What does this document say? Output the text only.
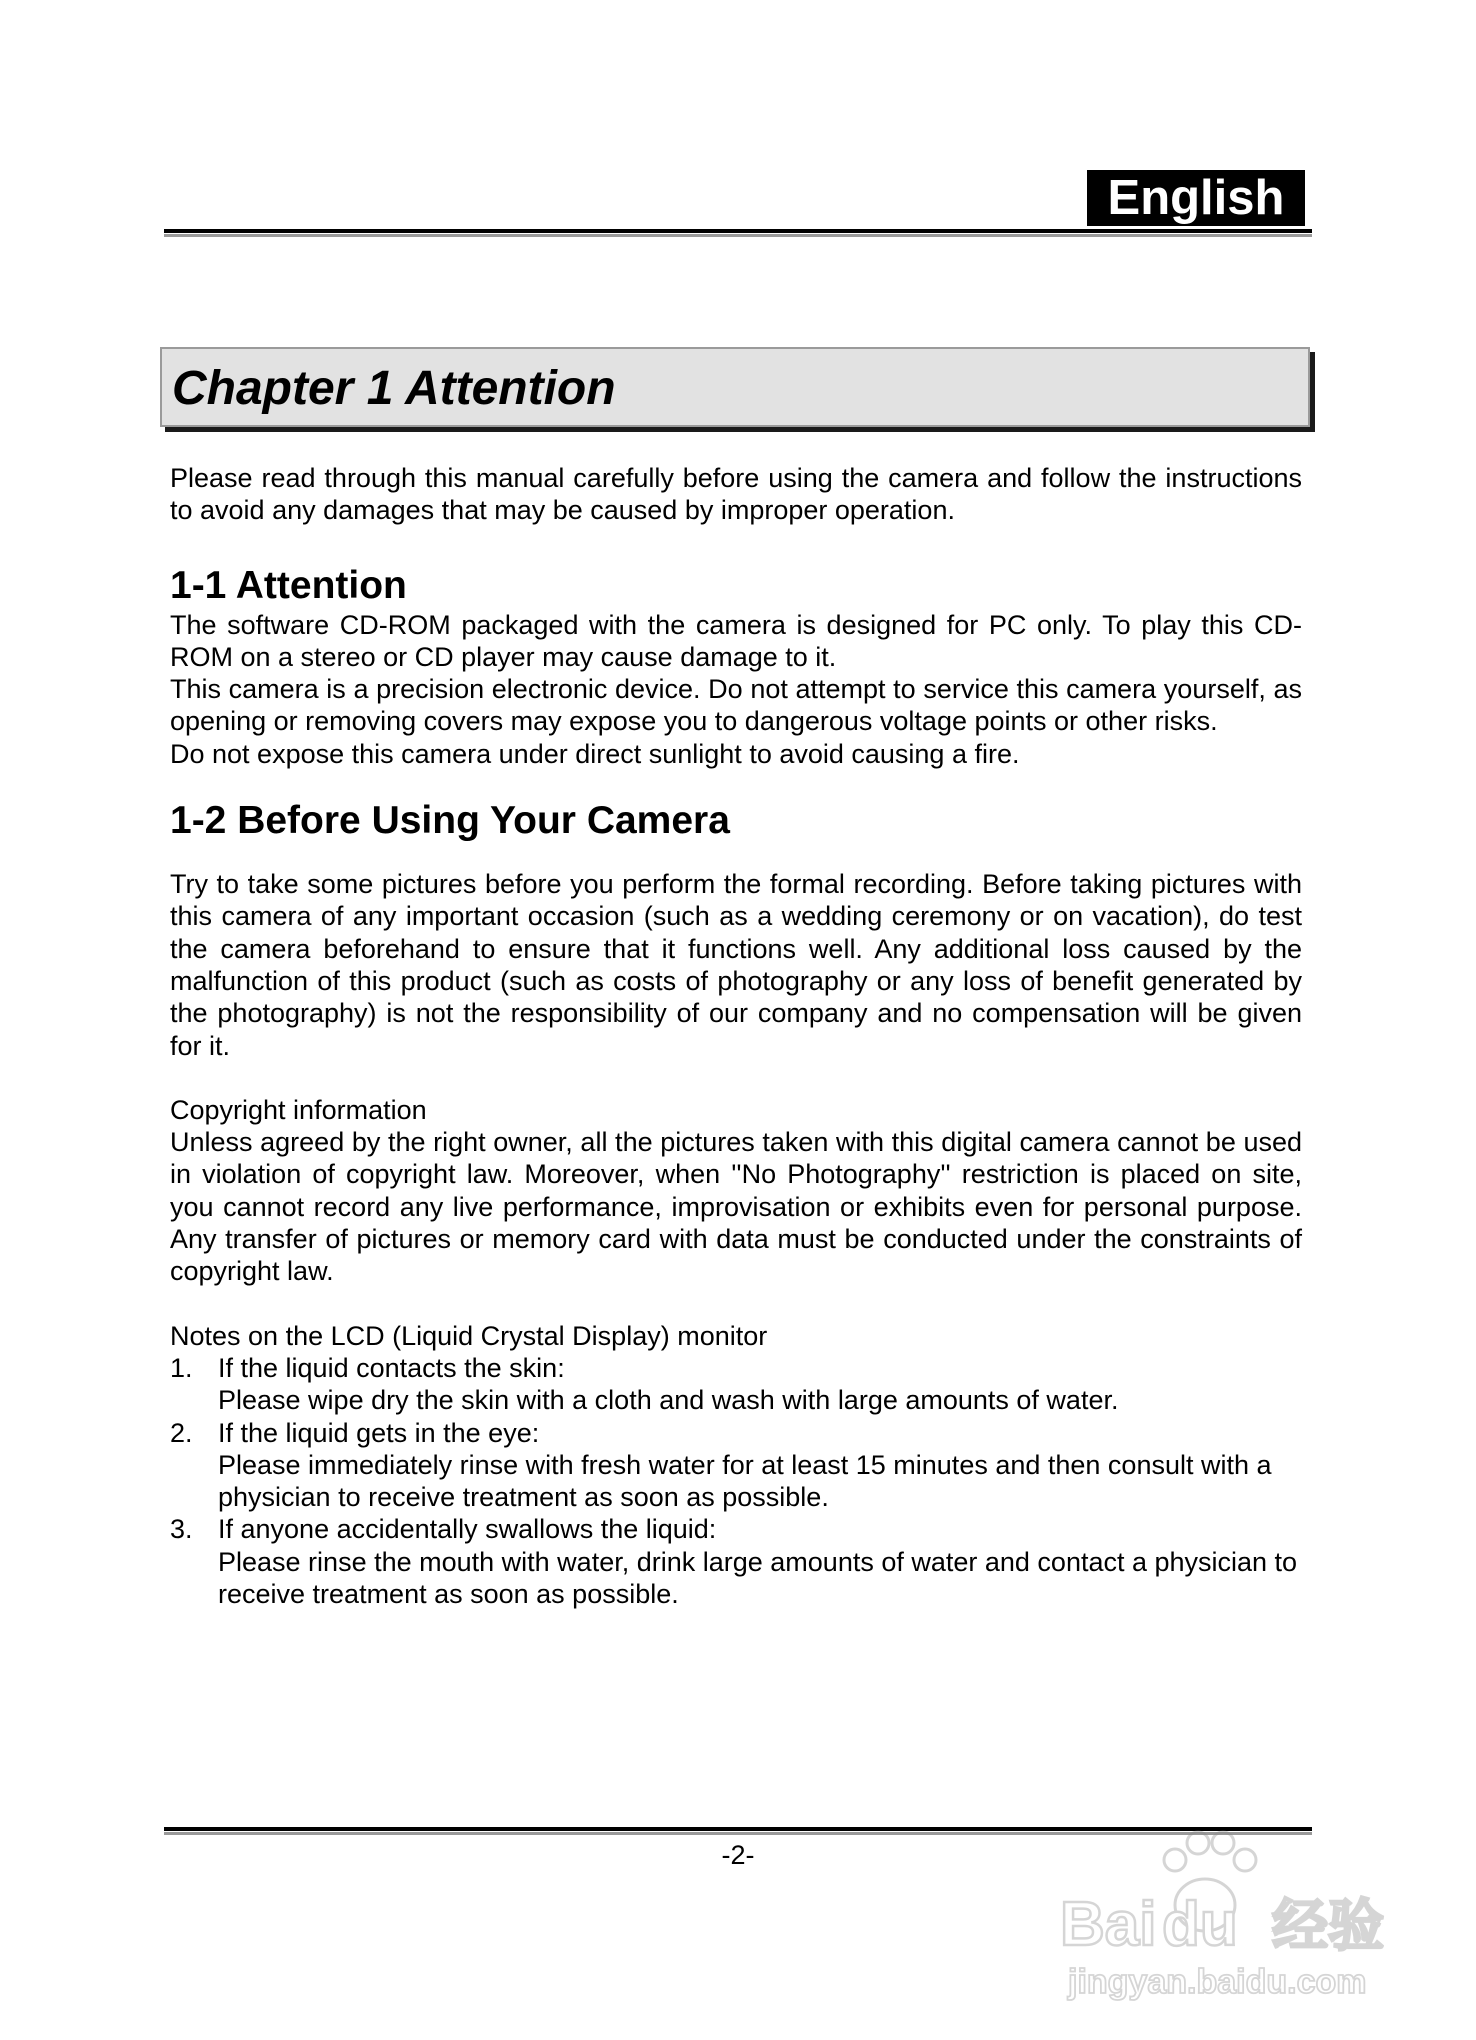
English
Chapter 1 Attention

Please read through this manual carefully before using the camera and follow the instructions to avoid any damages that may be caused by improper operation.

1-1 Attention

The software CD-ROM packaged with the camera is designed for PC only. To play this CD-ROM on a stereo or CD player may cause damage to it.

This camera is a precision electronic device. Do not attempt to service this camera yourself, as opening or removing covers may expose you to dangerous voltage points or other risks.

Do not expose this camera under direct sunlight to avoid causing a fire.

1-2 Before Using Your Camera

Try to take some pictures before you perform the formal recording. Before taking pictures with this camera of any important occasion (such as a wedding ceremony or on vacation), do test the camera beforehand to ensure that it functions well. Any additional loss caused by the malfunction of this product (such as costs of photography or any loss of benefit generated by the photography) is not the responsibility of our company and no compensation will be given for it.

Copyright information

Unless agreed by the right owner, all the pictures taken with this digital camera cannot be used in violation of copyright law. Moreover, when ''No Photography'' restriction is placed on site, you cannot record any live performance, improvisation or exhibits even for personal purpose. Any transfer of pictures or memory card with data must be conducted under the constraints of copyright law.

Notes on the LCD (Liquid Crystal Display) monitor

1. If the liquid contacts the skin:
Please wipe dry the skin with a cloth and wash with large amounts of water.
2. If the liquid gets in the eye:
Please immediately rinse with fresh water for at least 15 minutes and then consult with a physician to receive treatment as soon as possible.
3. If anyone accidentally swallows the liquid:
Please rinse the mouth with water, drink large amounts of water and contact a physician to receive treatment as soon as possible.
-2-
Bai du 经验
jingyan.baidu.com
